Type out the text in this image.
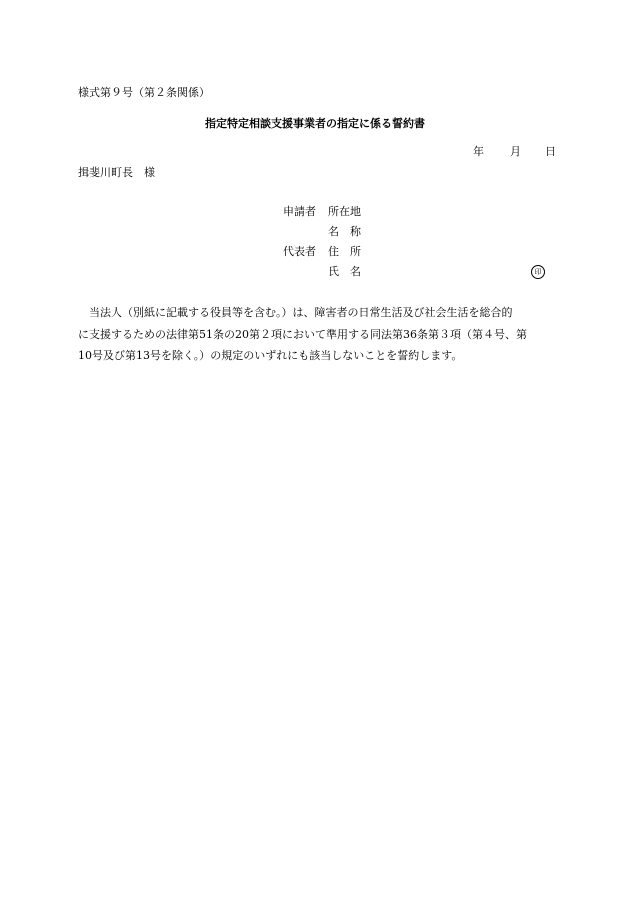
様式第９号（第２条関係）
指定特定相談支援事業者の指定に係る誓約書
年 月 日
揖斐川町長　様
申請者 所在地
名　称
代表者 住　所
氏　名	印
　当法人（別紙に記載する役員等を含む。）は、障害者の日常生活及び社会生活を総合的
に支援するための法律第51条の20第２項において準用する同法第36条第３項（第４号、第
10号及び第13号を除く。）の規定のいずれにも該当しないことを誓約します。
